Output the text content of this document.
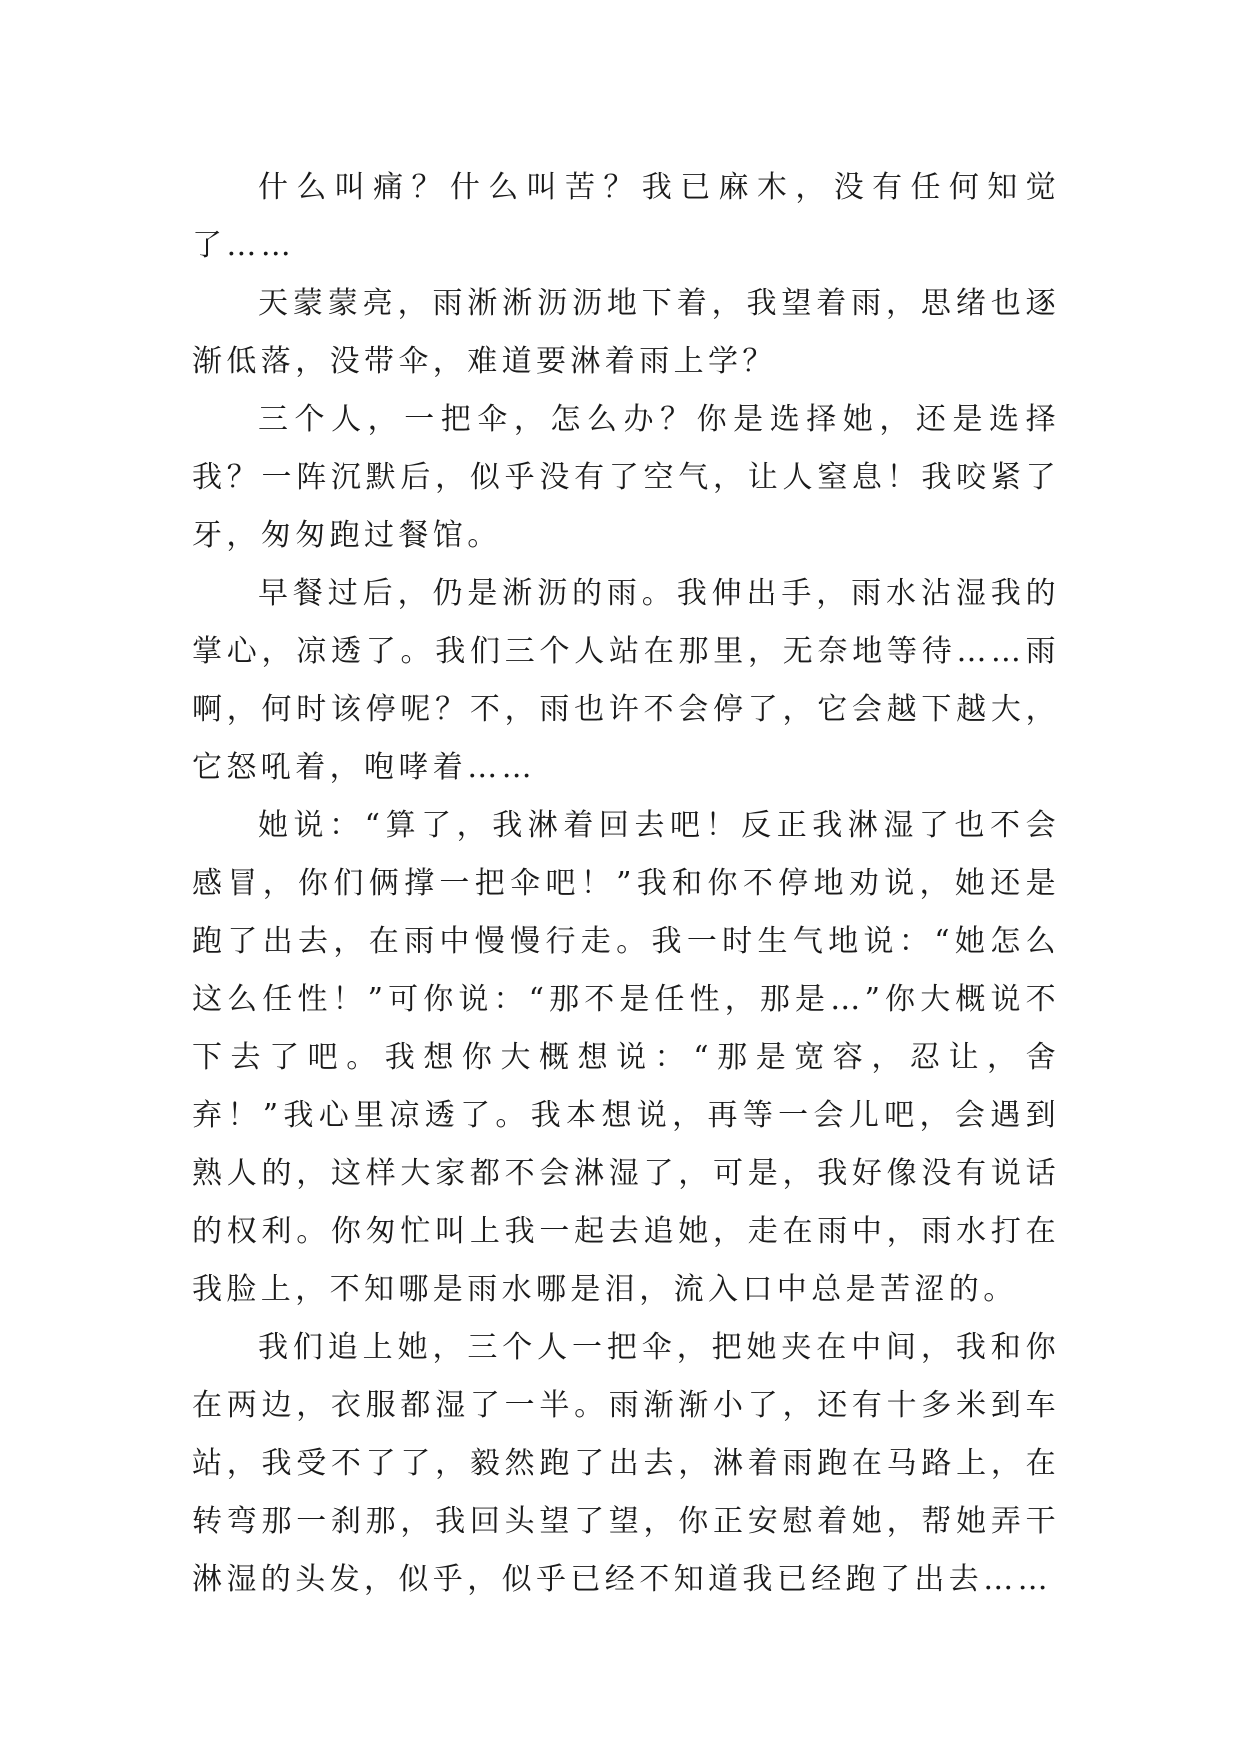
什么叫痛？什么叫苦？我已麻木，没有任何知觉了……

天蒙蒙亮，雨淅淅沥沥地下着，我望着雨，思绪也逐渐低落，没带伞，难道要淋着雨上学？

三个人，一把伞，怎么办？你是选择她，还是选择我？一阵沉默后，似乎没有了空气，让人窒息！我咬紧了牙，匆匆跑过餐馆。

早餐过后，仍是淅沥的雨。我伸出手，雨水沾湿我的掌心，凉透了。我们三个人站在那里，无奈地等待……雨啊，何时该停呢？不，雨也许不会停了，它会越下越大，它怒吼着，咆哮着……

她说：“算了，我淋着回去吧！反正我淋湿了也不会感冒，你们俩撑一把伞吧！”我和你不停地劝说，她还是跑了出去，在雨中慢慢行走。我一时生气地说：“她怎么这么任性！”可你说：“那不是任性，那是…”你大概说不下去了吧。我想你大概想说：“那是宽容，忍让，舍弃！”我心里凉透了。我本想说，再等一会儿吧，会遇到熟人的，这样大家都不会淋湿了，可是，我好像没有说话的权利。你匆忙叫上我一起去追她，走在雨中，雨水打在我脸上，不知哪是雨水哪是泪，流入口中总是苦涩的。

我们追上她，三个人一把伞，把她夹在中间，我和你在两边，衣服都湿了一半。雨渐渐小了，还有十多米到车站，我受不了了，毅然跑了出去，淋着雨跑在马路上，在转弯那一刹那，我回头望了望，你正安慰着她，帮她弄干淋湿的头发，似乎，似乎已经不知道我已经跑了出去……
